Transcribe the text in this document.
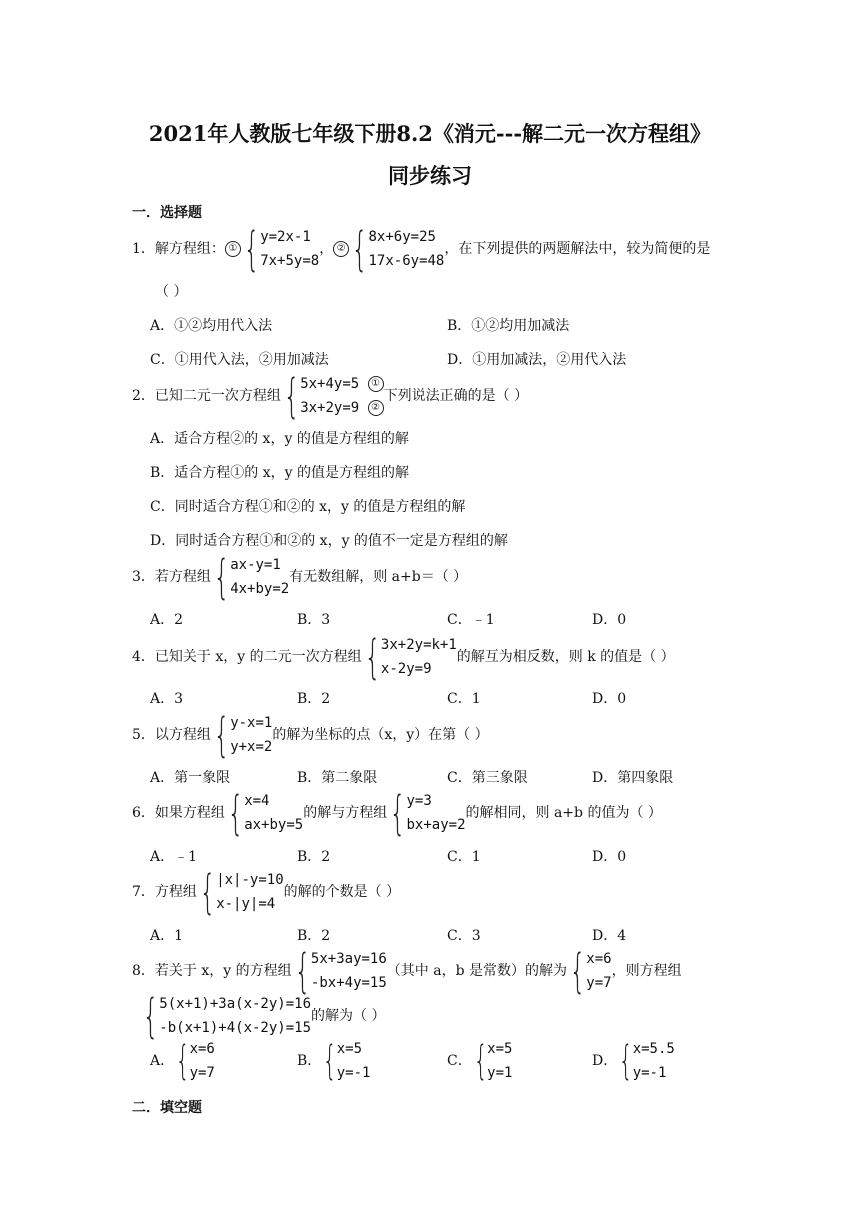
2021年人教版七年级下册8.2《消元---解二元一次方程组》
同步练习
一．选择题
1．解方程组： ① { y=2x-1
7x+5y=8
， ② { 8x+6y=25
17x-6y=48
，在下列提供的两题解法中，较为简便的是
（ ）
A．①②均用代入法	B．①②均用加减法
C．①用代入法，②用加减法	D．①用加减法，②用代入法
2．已知二元一次方程组 { 5x+4y=5 ①
3x+2y=9 ②
下列说法正确的是（ ）
A．适合方程②的 x，y 的值是方程组的解
B．适合方程①的 x，y 的值是方程组的解
C．同时适合方程①和②的 x，y 的值是方程组的解
D．同时适合方程①和②的 x，y 的值不一定是方程组的解
3．若方程组 { ax-y=1
4x+by=2
有无数组解，则 a+b＝（ ）
A．2	B．3	C．﹣1	D．0
4．已知关于 x，y 的二元一次方程组 { 3x+2y=k+1
x-2y=9
的解互为相反数，则 k 的值是（ ）
A．3	B．2	C．1	D．0
5．以方程组 { y-x=1
y+x=2
的解为坐标的点（x，y）在第（ ）
A．第一象限	B．第二象限	C．第三象限	D．第四象限
6．如果方程组 { x=4
ax+by=5
的解与方程组 { y=3
bx+ay=2
的解相同，则 a+b 的值为（ ）
A．﹣1	B．2	C．1	D．0
7．方程组 { |x|-y=10
x-|y|=4
的解的个数是（ ）
A．1	B．2	C．3	D．4
8．若关于 x，y 的方程组 { 5x+3ay=16
-bx+4y=15
（其中 a，b 是常数）的解为 { x=6
y=7
，则方程组
{ 5(x+1)+3a(x-2y)=16
-b(x+1)+4(x-2y)=15
的解为（ ）
A． { x=6
y=7
B． { x=5
y=-1
C． { x=5
y=1
D． { x=5.5
y=-1
二．填空题
